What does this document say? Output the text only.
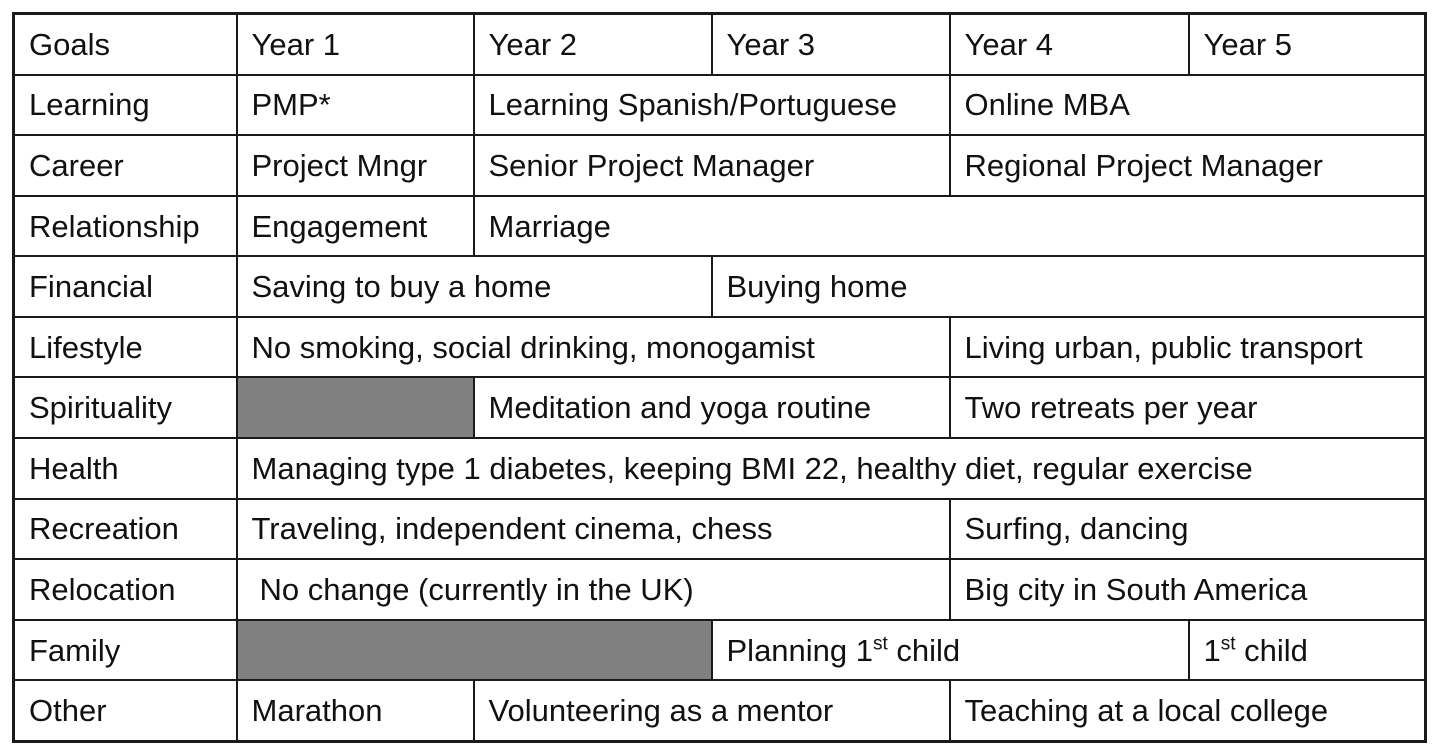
Goals	Year 1	Year 2	Year 3	Year 4	Year 5
Learning	PMP*	Learning Spanish/Portuguese		Online MBA	
Career	Project Mngr	Senior Project Manager		Regional Project Manager	
Relationship	Engagement	Marriage			
Financial	Saving to buy a home		Buying home		
Lifestyle	No smoking, social drinking, monogamist			Living urban, public transport	
Spirituality		Meditation and yoga routine		Two retreats per year	
Health	Managing type 1 diabetes, keeping BMI 22, healthy diet, regular exercise				
Recreation	Traveling, independent cinema, chess			Surfing, dancing	
Relocation	No change (currently in the UK)			Big city in South America	
Family			Planning 1st child		1st child
Other	Marathon	Volunteering as a mentor		Teaching at a local college	
